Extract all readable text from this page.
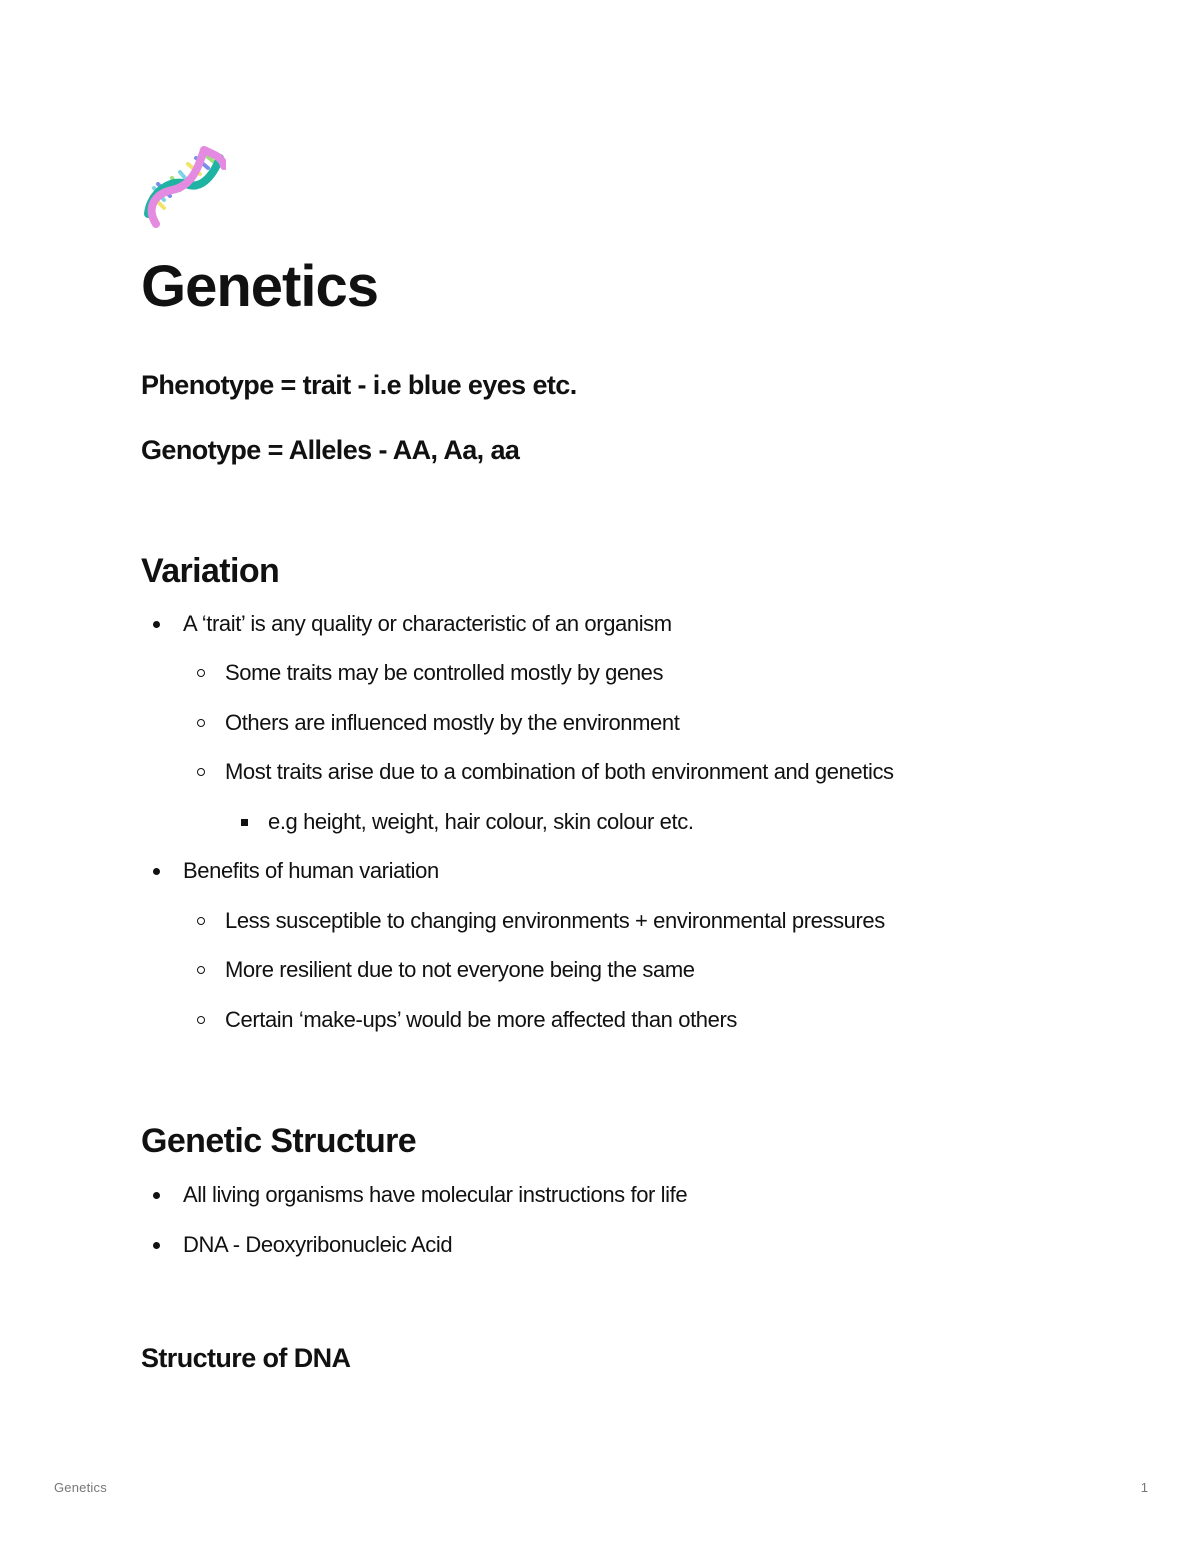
Genetics

Phenotype = trait - i.e blue eyes etc.

Genotype = Alleles - AA, Aa, aa

Variation
A ‘trait’ is any quality or characteristic of an organism
Some traits may be controlled mostly by genes
Others are influenced mostly by the environment
Most traits arise due to a combination of both environment and genetics
e.g height, weight, hair colour, skin colour etc.
Benefits of human variation
Less susceptible to changing environments + environmental pressures
More resilient due to not everyone being the same
Certain ‘make-ups’ would be more affected than others
Genetic Structure
All living organisms have molecular instructions for life
DNA - Deoxyribonucleic Acid
Structure of DNA
Genetics	1
